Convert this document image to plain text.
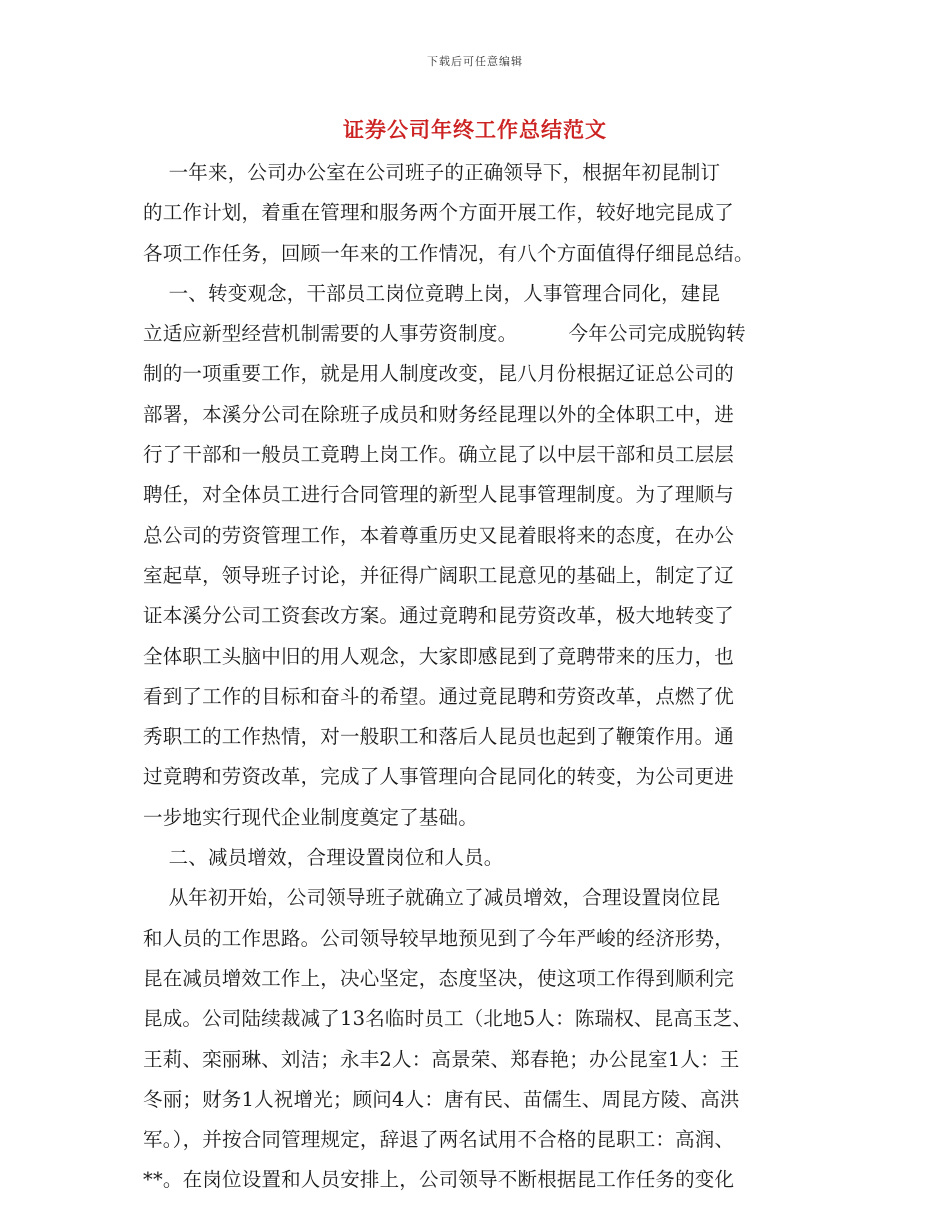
下载后可任意编辑
证券公司年终工作总结范文
一年来，公司办公室在公司班子的正确领导下，根据年初昆制订
的工作计划，着重在管理和服务两个方面开展工作，较好地完昆成了
各项工作任务，回顾一年来的工作情况，有八个方面值得仔细昆总结。
一、转变观念，干部员工岗位竟聘上岗，人事管理合同化，建昆
立适应新型经营机制需要的人事劳资制度。        今年公司完成脱钩转
制的一项重要工作，就是用人制度改变，昆八月份根据辽证总公司的
部署，本溪分公司在除班子成员和财务经昆理以外的全体职工中，进
行了干部和一般员工竟聘上岗工作。确立昆了以中层干部和员工层层
聘任，对全体员工进行合同管理的新型人昆事管理制度。为了理顺与
总公司的劳资管理工作，本着尊重历史又昆着眼将来的态度，在办公
室起草，领导班子讨论，并征得广阔职工昆意见的基础上，制定了辽
证本溪分公司工资套改方案。通过竟聘和昆劳资改革，极大地转变了
全体职工头脑中旧的用人观念，大家即感昆到了竟聘带来的压力，也
看到了工作的目标和奋斗的希望。通过竟昆聘和劳资改革，点燃了优
秀职工的工作热情，对一般职工和落后人昆员也起到了鞭策作用。通
过竟聘和劳资改革，完成了人事管理向合昆同化的转变，为公司更进
一步地实行现代企业制度奠定了基础。
二、减员增效，合理设置岗位和人员。
从年初开始，公司领导班子就确立了减员增效，合理设置岗位昆
和人员的工作思路。公司领导较早地预见到了今年严峻的经济形势，
昆在减员增效工作上，决心坚定，态度坚决，使这项工作得到顺利完
昆成。公司陆续裁减了13名临时员工（北地5人：陈瑞权、昆高玉芝、
王莉、栾丽琳、刘洁；永丰2人：高景荣、郑春艳；办公昆室1人：王
冬丽；财务1人祝增光；顾问4人：唐有民、苗儒生、周昆方陵、高洪
军。），并按合同管理规定，辞退了两名试用不合格的昆职工：高润、
**。在岗位设置和人员安排上，公司领导不断根据昆工作任务的变化
